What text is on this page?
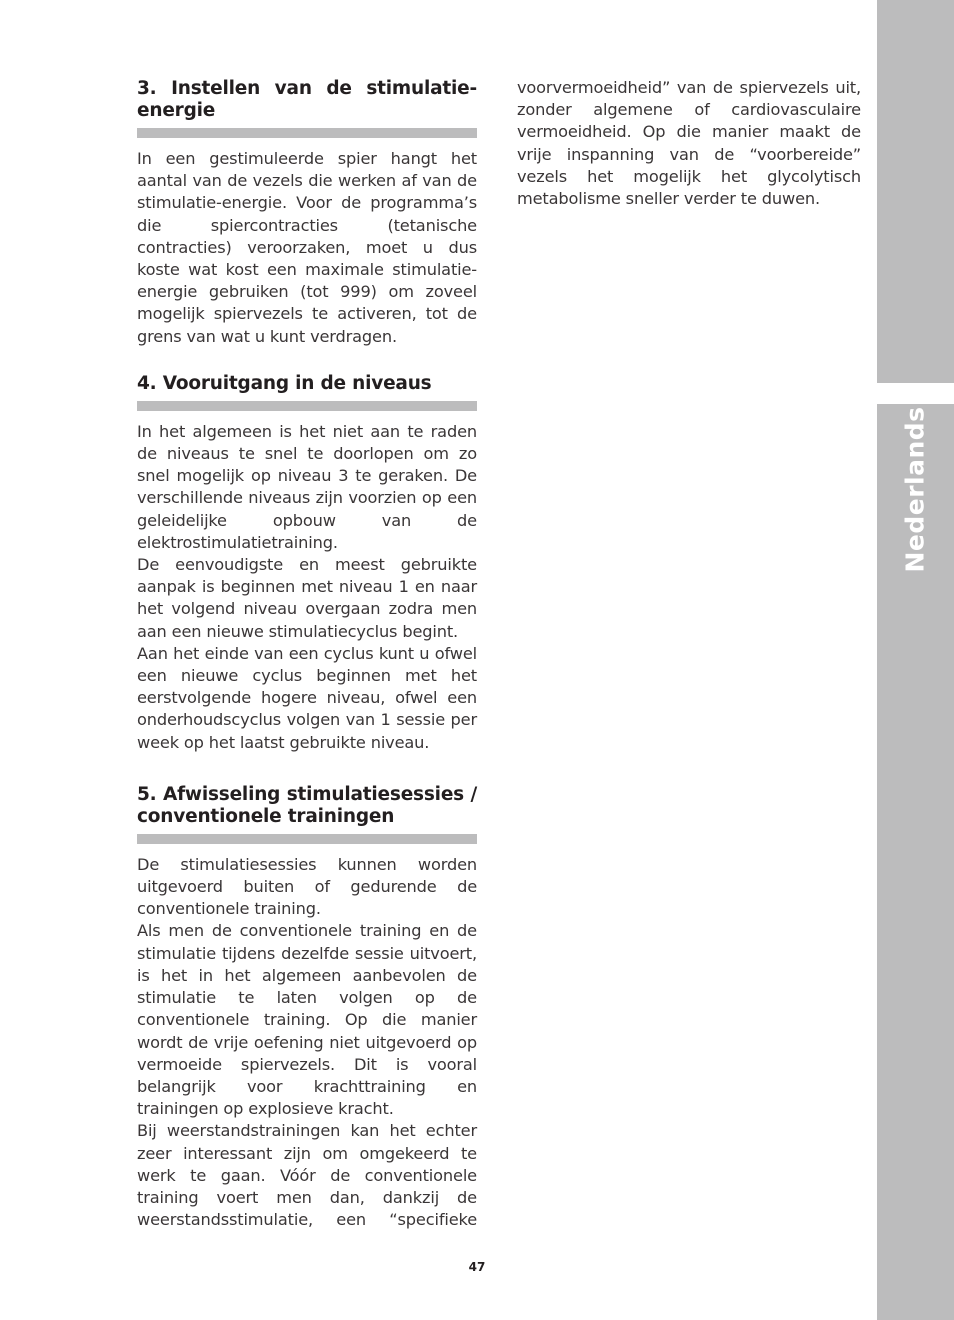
3. Instellen van de stimulatie-energie

In een gestimuleerde spier hangt het aantal van de vezels die werken af van de stimulatie-energie. Voor de programma’s die spiercontracties (tetanische contracties) veroorzaken, moet u dus koste wat kost een maximale stimulatie-energie gebruiken (tot 999) om zoveel mogelijk spiervezels te activeren, tot de grens van wat u kunt verdragen.

4. Vooruitgang in de niveaus

In het algemeen is het niet aan te raden de niveaus te snel te doorlopen om zo snel mogelijk op niveau 3 te geraken. De verschillende niveaus zijn voorzien op een geleidelijke opbouw van de elektrostimulatietraining.

De eenvoudigste en meest gebruikte aanpak is beginnen met niveau 1 en naar het volgend niveau overgaan zodra men aan een nieuwe stimulatiecyclus begint.

Aan het einde van een cyclus kunt u ofwel een nieuwe cyclus beginnen met het eerstvolgende hogere niveau, ofwel een onderhoudscyclus volgen van 1 sessie per week op het laatst gebruikte niveau.

5. Afwisseling stimulatiesessies / conventionele trainingen

De stimulatiesessies kunnen worden uitgevoerd buiten of gedurende de conventionele training.

Als men de conventionele training en de stimulatie tijdens dezelfde sessie uitvoert, is het in het algemeen aanbevolen de stimulatie te laten volgen op de conventionele training. Op die manier wordt de vrije oefening niet uitgevoerd op vermoeide spiervezels. Dit is vooral belangrijk voor krachttraining en trainingen op explosieve kracht.

Bij weerstandstrainingen kan het echter zeer interessant zijn om omgekeerd te werk te gaan. Vóór de conventionele training voert men dan, dankzij de weerstandsstimulatie, een “specifieke

voorvermoeidheid” van de spiervezels uit, zonder algemene of cardiovasculaire vermoeidheid. Op die manier maakt de vrije inspanning van de “voorbereide” vezels het mogelijk het glycolytisch metabolisme sneller verder te duwen.

Nederlands
47
